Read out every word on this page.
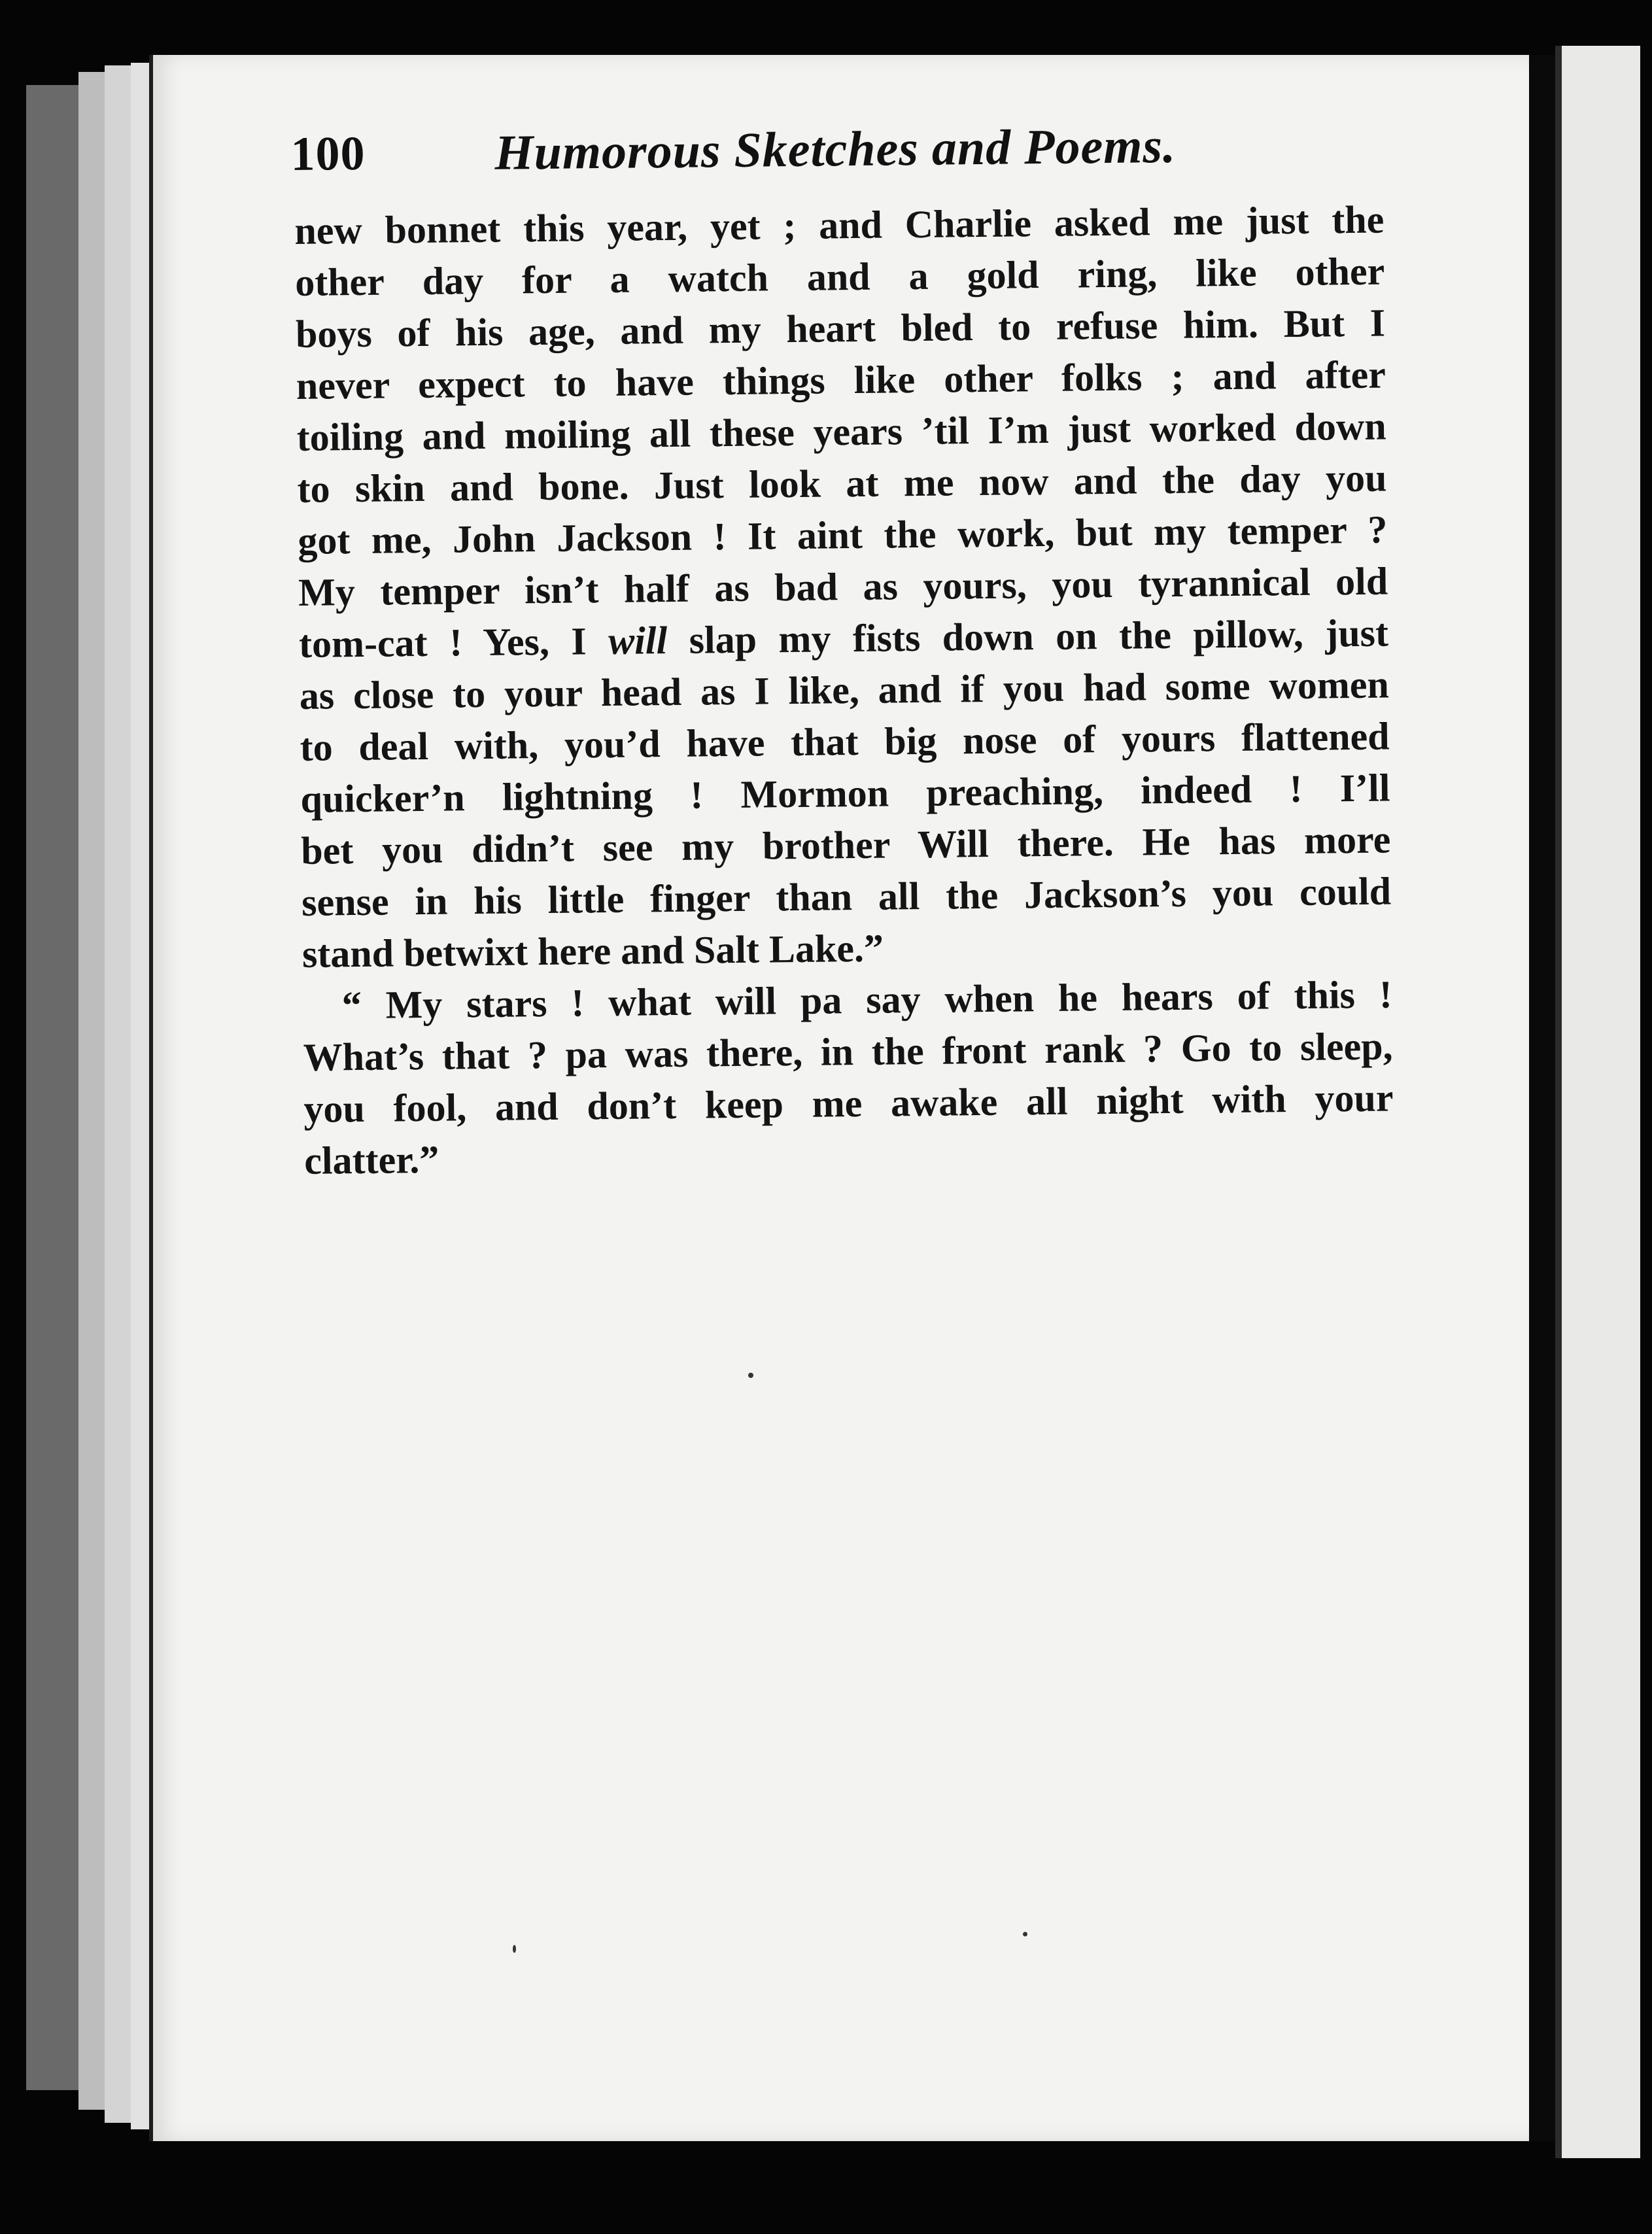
100	Humorous Sketches and Poems.
new bonnet this year, yet ; and Charlie asked me just the
other day for a watch and a gold ring, like other
boys of his age, and my heart bled to refuse him. But I
never expect to have things like other folks ; and after
toiling and moiling all these years ’til I’m just worked down
to skin and bone. Just look at me now and the day you
got me, John Jackson ! It aint the work, but my temper ?
My temper isn’t half as bad as yours, you tyrannical old
tom-cat ! Yes, I will slap my fists down on the pillow, just
as close to your head as I like, and if you had some women
to deal with, you’d have that big nose of yours flattened
quicker’n lightning ! Mormon preaching, indeed ! I’ll
bet you didn’t see my brother Will there. He has more
sense in his little finger than all the Jackson’s you could
stand betwixt here and Salt Lake.”
“ My stars ! what will pa say when he hears of this !
What’s that ? pa was there, in the front rank ? Go to sleep,
you fool, and don’t keep me awake all night with your
clatter.”
